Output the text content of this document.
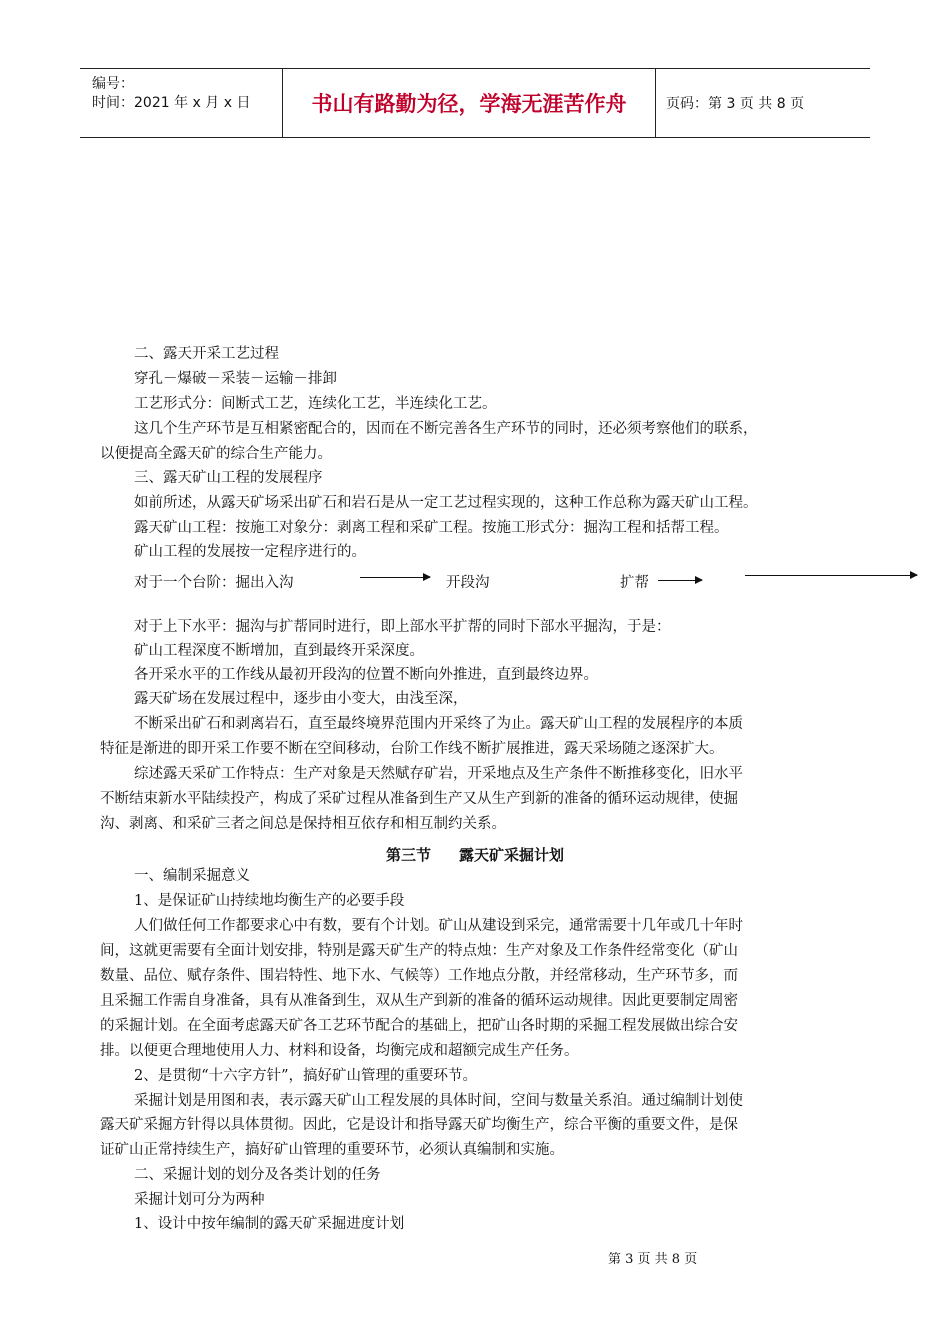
编号：
时间：2021 年 x 月 x 日	书山有路勤为径，学海无涯苦作舟	页码：第 3 页 共 8 页
二、露天开采工艺过程
穿孔－爆破－采装－运输－排卸
工艺形式分：间断式工艺，连续化工艺，半连续化工艺。
这几个生产环节是互相紧密配合的，因而在不断完善各生产环节的同时，还必须考察他们的联系，
以便提高全露天矿的综合生产能力。
三、露天矿山工程的发展程序
如前所述，从露天矿场采出矿石和岩石是从一定工艺过程实现的，这种工作总称为露天矿山工程。
露天矿山工程：按施工对象分：剥离工程和采矿工程。按施工形式分：掘沟工程和括帮工程。
矿山工程的发展按一定程序进行的。
对于一个台阶：掘出入沟	开段沟	扩帮
对于上下水平：掘沟与扩帮同时进行，即上部水平扩帮的同时下部水平掘沟，于是：
矿山工程深度不断增加，直到最终开采深度。
各开采水平的工作线从最初开段沟的位置不断向外推进，直到最终边界。
露天矿场在发展过程中，逐步由小变大，由浅至深，
不断采出矿石和剥离岩石，直至最终境界范围内开采终了为止。露天矿山工程的发展程序的本质
特征是渐进的即开采工作要不断在空间移动，台阶工作线不断扩展推进，露天采场随之逐深扩大。
综述露天采矿工作特点：生产对象是天然赋存矿岩，开采地点及生产条件不断推移变化，旧水平
不断结束新水平陆续投产，构成了采矿过程从准备到生产又从生产到新的准备的循环运动规律，使掘
沟、剥离、和采矿三者之间总是保持相互依存和相互制约关系。
第三节 露天矿采掘计划
一、编制采掘意义
1、是保证矿山持续地均衡生产的必要手段
人们做任何工作都要求心中有数，要有个计划。矿山从建设到采完，通常需要十几年或几十年时
间，这就更需要有全面计划安排，特别是露天矿生产的特点烛：生产对象及工作条件经常变化（矿山
数量、品位、赋存条件、围岩特性、地下水、气候等）工作地点分散，并经常移动，生产环节多，而
且采掘工作需自身准备，具有从准备到生，双从生产到新的准备的循环运动规律。因此更要制定周密
的采掘计划。在全面考虑露天矿各工艺环节配合的基础上，把矿山各时期的采掘工程发展做出综合安
排。以便更合理地使用人力、材料和设备，均衡完成和超额完成生产任务。
2、是贯彻“十六字方针”，搞好矿山管理的重要环节。
采掘计划是用图和表，表示露天矿山工程发展的具体时间，空间与数量关系洎。通过编制计划使
露天矿采掘方针得以具体贯彻。因此，它是设计和指导露天矿均衡生产，综合平衡的重要文件，是保
证矿山正常持续生产，搞好矿山管理的重要环节，必须认真编制和实施。
二、采掘计划的划分及各类计划的任务
采掘计划可分为两种
1、设计中按年编制的露天矿采掘进度计划
第 3 页 共 8 页
